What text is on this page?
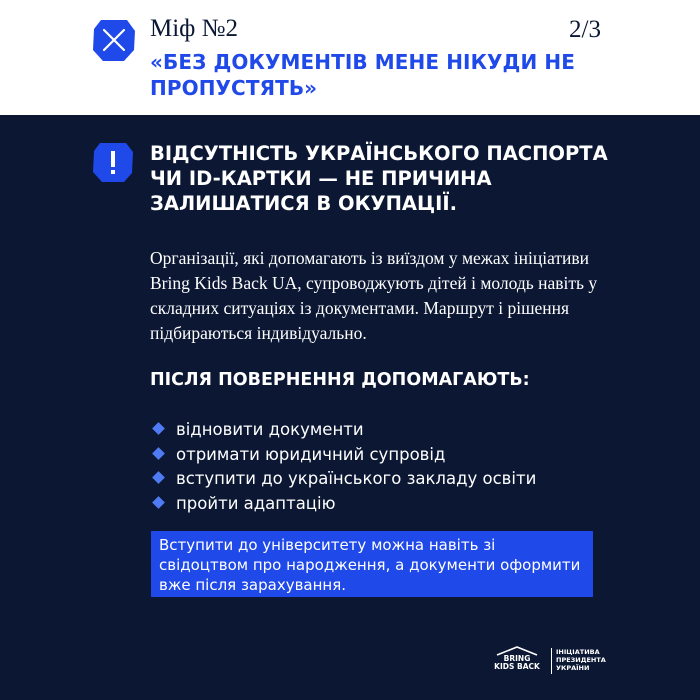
Міф №2	2/3
«БЕЗ ДОКУМЕНТІВ МЕНЕ НІКУДИ НЕ ПРОПУСТЯТЬ»
ВІДСУТНІСТЬ УКРАЇНСЬКОГО ПАСПОРТА ЧИ ID-КАРТКИ — НЕ ПРИЧИНА ЗАЛИШАТИСЯ В ОКУПАЦІЇ.

Організації, які допомагають із виїздом у межах ініціативи Bring Kids Back UA, супроводжують дітей і молодь навіть у складних ситуаціях із документами. Маршрут і рішення підбираються індивідуально.

ПІСЛЯ ПОВЕРНЕННЯ ДОПОМАГАЮТЬ:
відновити документи
отримати юридичний супровід
вступити до українського закладу освіти
пройти адаптацію
Вступити до університету можна навіть зі свідоцтвом про народження, а документи оформити вже після зарахування.
BRING
KIDS BACK
ІНІЦІАТИВА ПРЕЗИДЕНТА УКРАЇНИ
